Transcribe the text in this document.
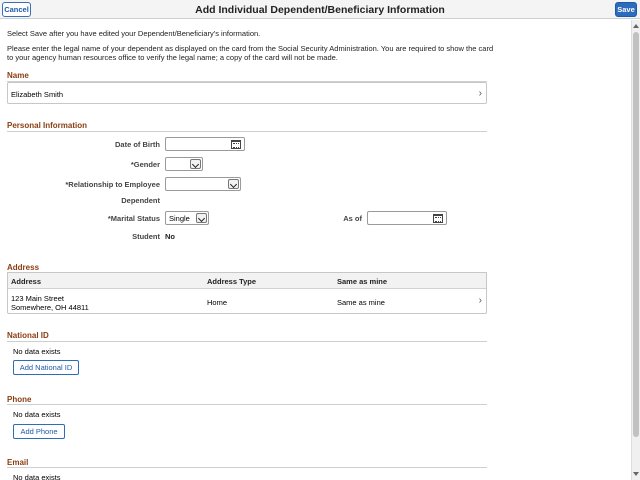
Cancel	Add Individual Dependent/Beneficiary Information	Save
Select Save after you have edited your Dependent/Beneficiary's information.
Please enter the legal name of your dependent as displayed on the card from the Social Security Administration. You are required to show the card to your agency human resources office to verify the legal name; a copy of the card will not be made.
Name
Elizabeth Smith	›
Personal Information
Date of Birth
*Gender
*Relationship to Employee
Dependent
*Marital Status Single	As of
Student No
Address
Address	Address Type	Same as mine
123 Main Street
Somewhere, OH 44811
Home	Same as mine	›
National ID
No data exists
Add National ID
Phone
No data exists
Add Phone
Email
No data exists
